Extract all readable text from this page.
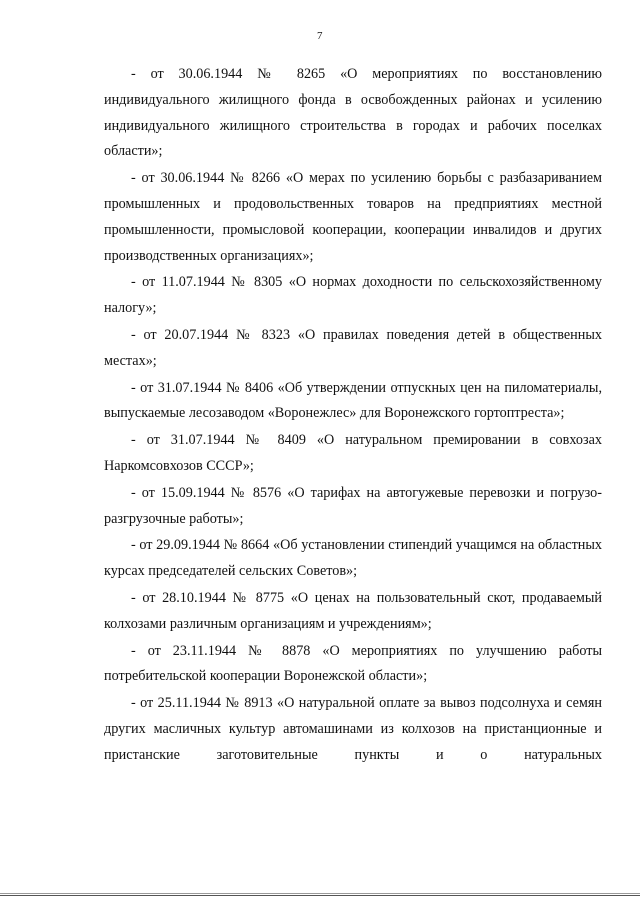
7

- от 30.06.1944 № 8265 «О мероприятиях по восстановлению индивидуального жилищного фонда в освобожденных районах и усилению индивидуального жилищного строительства в городах и рабочих поселках области»;

- от 30.06.1944 № 8266 «О мерах по усилению борьбы с разбазариванием промышленных и продовольственных товаров на предприятиях местной промышленности, промысловой кооперации, кооперации инвалидов и других производственных организациях»;

- от 11.07.1944 № 8305 «О нормах доходности по сельскохозяйственному налогу»;

- от 20.07.1944 № 8323 «О правилах поведения детей в общественных местах»;

- от 31.07.1944 № 8406 «Об утверждении отпускных цен на пиломатериалы, выпускаемые лесозаводом «Воронежлес» для Воронежского гортоптреста»;

- от 31.07.1944 № 8409 «О натуральном премировании в совхозах Наркомсовхозов СССР»;

- от 15.09.1944 № 8576 «О тарифах на автогужевые перевозки и погрузо-разгрузочные работы»;

- от 29.09.1944 № 8664 «Об установлении стипендий учащимся на областных курсах председателей сельских Советов»;

- от 28.10.1944 № 8775 «О ценах на пользовательный скот, продаваемый колхозами различным организациям и учреждениям»;

- от 23.11.1944 № 8878 «О мероприятиях по улучшению работы потребительской кооперации Воронежской области»;

- от 25.11.1944 № 8913 «О натуральной оплате за вывоз подсолнуха и семян других масличных культур автомашинами из колхозов на пристанционные и пристанские заготовительные пункты и о натуральных
